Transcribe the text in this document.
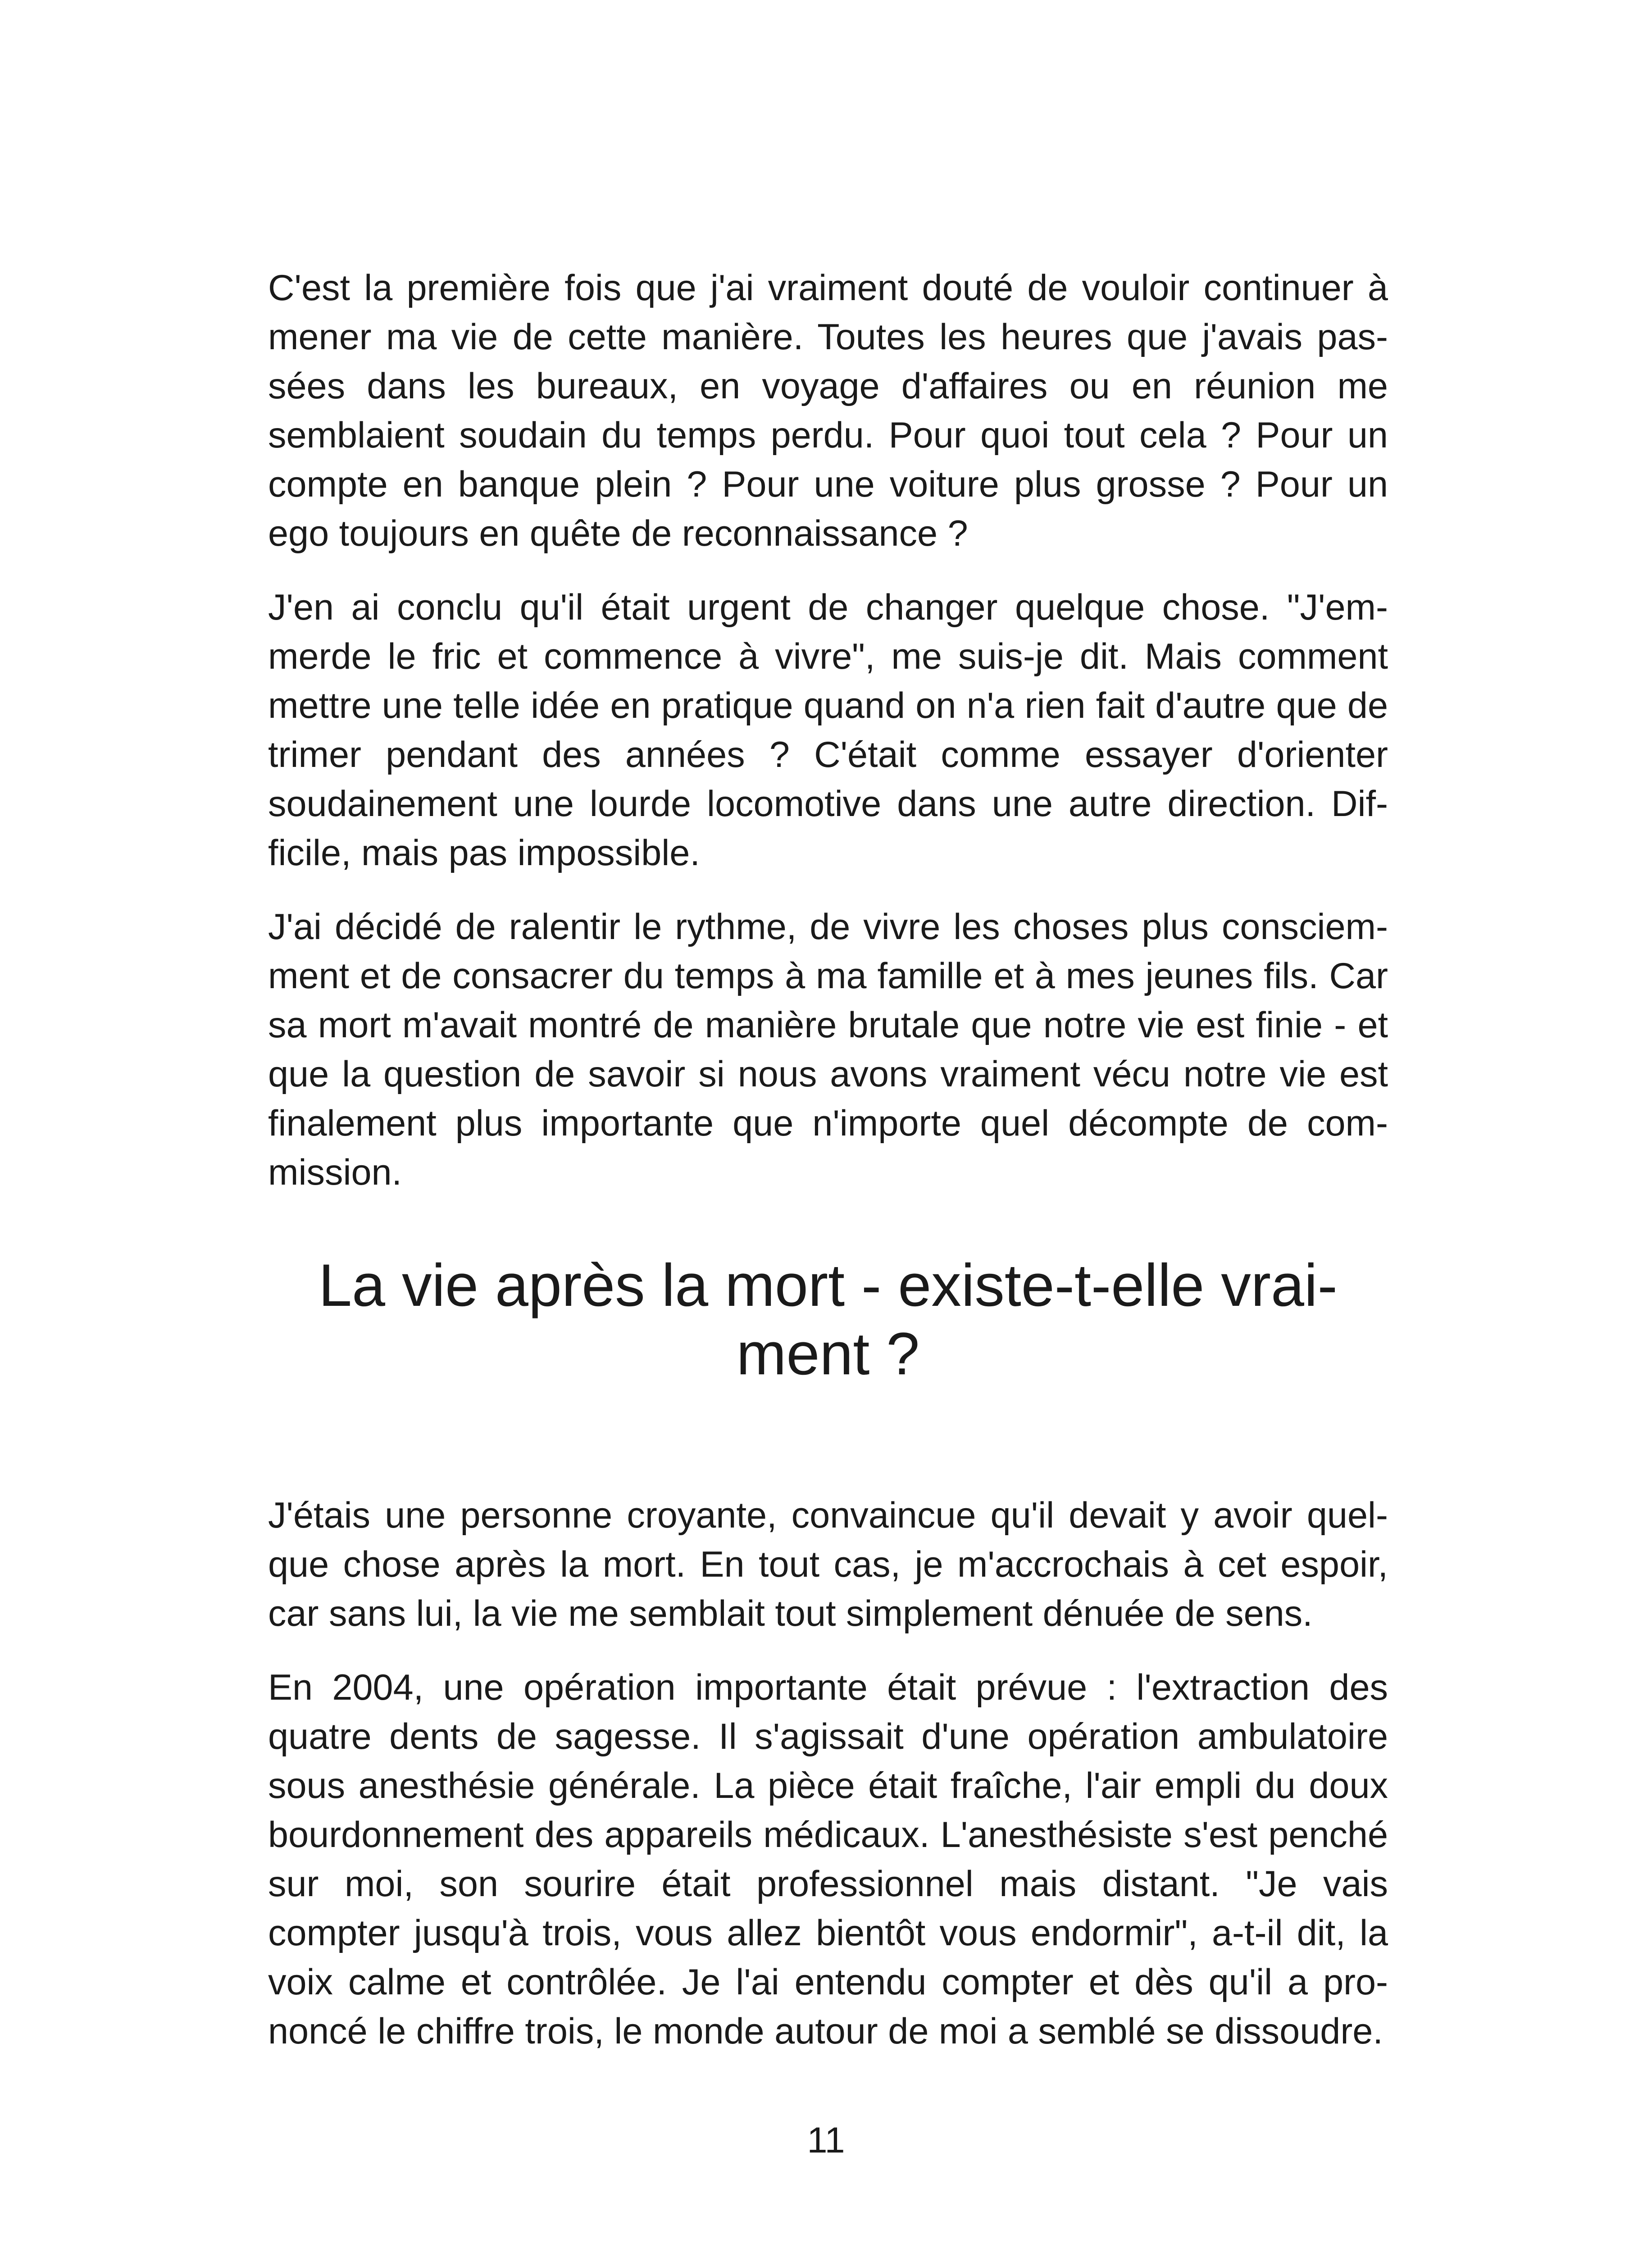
C'est la première fois que j'ai vraiment douté de vouloir continuer à mener ma vie de cette manière. Toutes les heures que j'avais passées dans les bureaux, en voyage d'affaires ou en réunion me semblaient soudain du temps perdu. Pour quoi tout cela ? Pour un compte en banque plein ? Pour une voiture plus grosse ? Pour un ego toujours en quête de reconnaissance ?

J'en ai conclu qu'il était urgent de changer quelque chose. "J'emmerde le fric et commence à vivre", me suis-je dit. Mais comment mettre une telle idée en pratique quand on n'a rien fait d'autre que de trimer pendant des années ? C'était comme essayer d'orienter soudainement une lourde locomotive dans une autre direction. Difficile, mais pas impossible.

J'ai décidé de ralentir le rythme, de vivre les choses plus consciemment et de consacrer du temps à ma famille et à mes jeunes fils. Car sa mort m'avait montré de manière brutale que notre vie est finie - et que la question de savoir si nous avons vraiment vécu notre vie est finalement plus importante que n'importe quel décompte de commission.

La vie après la mort - existe-t-elle vraiment ?

J'étais une personne croyante, convaincue qu'il devait y avoir quelque chose après la mort. En tout cas, je m'accrochais à cet espoir, car sans lui, la vie me semblait tout simplement dénuée de sens.

En 2004, une opération importante était prévue : l'extraction des quatre dents de sagesse. Il s'agissait d'une opération ambulatoire sous anesthésie générale. La pièce était fraîche, l'air empli du doux bourdonnement des appareils médicaux. L'anesthésiste s'est penché sur moi, son sourire était professionnel mais distant. "Je vais compter jusqu'à trois, vous allez bientôt vous endormir", a-t-il dit, la voix calme et contrôlée. Je l'ai entendu compter et dès qu'il a prononcé le chiffre trois, le monde autour de moi a semblé se dissoudre.

11
